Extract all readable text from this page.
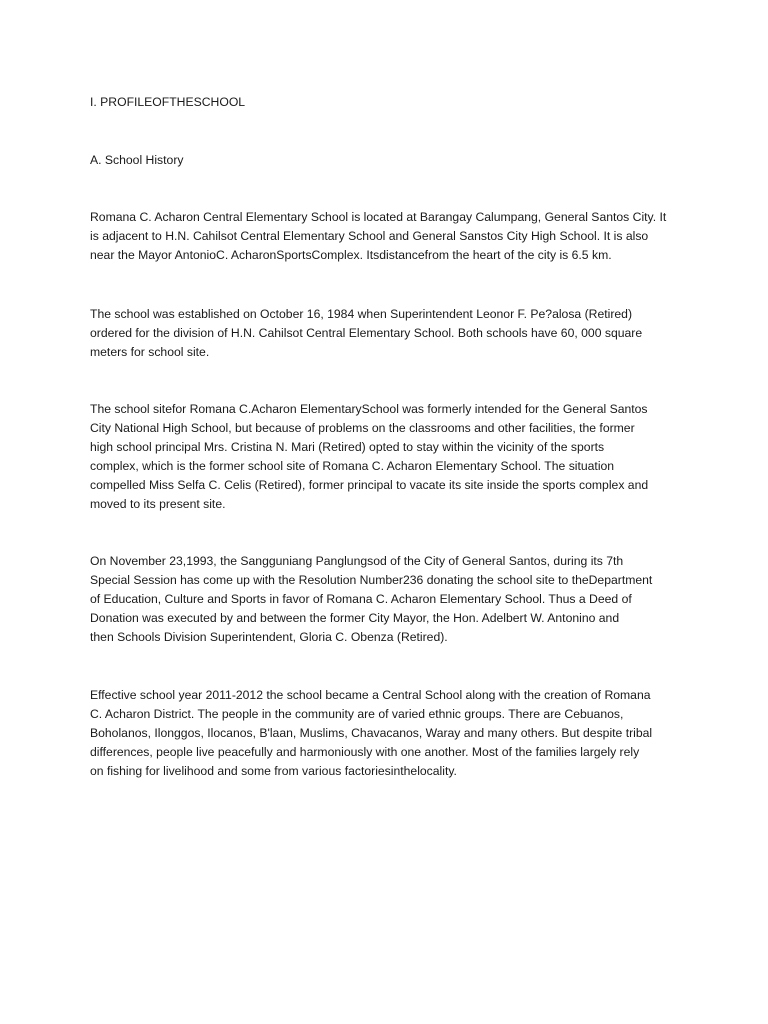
I. PROFILEOFTHESCHOOL
A. School History

Romana C. Acharon Central Elementary School is located at Barangay Calumpang, General Santos City. It
is adjacent to H.N. Cahilsot Central Elementary School and General Sanstos City High School. It is also
near the Mayor AntonioC. AcharonSportsComplex. Itsdistancefrom the heart of the city is 6.5 km.

The school was established on October 16, 1984 when Superintendent Leonor F. Pe?alosa (Retired)
ordered for the division of H.N. Cahilsot Central Elementary School. Both schools have 60, 000 square
meters for school site.

The school sitefor Romana C.Acharon ElementarySchool was formerly intended for the General Santos
City National High School, but because of problems on the classrooms and other facilities, the former
high school principal Mrs. Cristina N. Mari (Retired) opted to stay within the vicinity of the sports
complex, which is the former school site of Romana C. Acharon Elementary School. The situation
compelled Miss Selfa C. Celis (Retired), former principal to vacate its site inside the sports complex and
moved to its present site.

On November 23,1993, the Sangguniang Panglungsod of the City of General Santos, during its 7th
Special Session has come up with the Resolution Number236 donating the school site to theDepartment
of Education, Culture and Sports in favor of Romana C. Acharon Elementary School. Thus a Deed of
Donation was executed by and between the former City Mayor, the Hon. Adelbert W. Antonino and
then Schools Division Superintendent, Gloria C. Obenza (Retired).

Effective school year 2011-2012 the school became a Central School along with the creation of Romana
C. Acharon District. The people in the community are of varied ethnic groups. There are Cebuanos,
Boholanos, Ilonggos, Ilocanos, B'laan, Muslims, Chavacanos, Waray and many others. But despite tribal
differences, people live peacefully and harmoniously with one another. Most of the families largely rely
on fishing for livelihood and some from various factoriesinthelocality.
